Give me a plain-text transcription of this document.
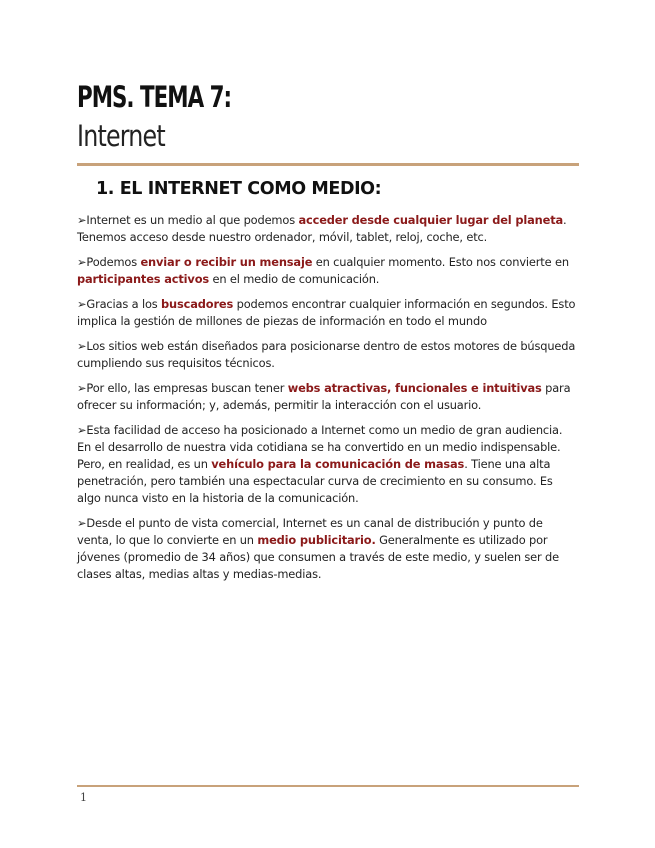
PMS. TEMA 7:
Internet
1. EL INTERNET COMO MEDIO:

➢Internet es un medio al que podemos acceder desde cualquier lugar del planeta. Tenemos acceso desde nuestro ordenador, móvil, tablet, reloj, coche, etc.

➢Podemos enviar o recibir un mensaje en cualquier momento. Esto nos convierte en participantes activos en el medio de comunicación.

➢Gracias a los buscadores podemos encontrar cualquier información en segundos. Esto implica la gestión de millones de piezas de información en todo el mundo

➢Los sitios web están diseñados para posicionarse dentro de estos motores de búsqueda cumpliendo sus requisitos técnicos.

➢Por ello, las empresas buscan tener webs atractivas, funcionales e intuitivas para ofrecer su información; y, además, permitir la interacción con el usuario.

➢Esta facilidad de acceso ha posicionado a Internet como un medio de gran audiencia. En el desarrollo de nuestra vida cotidiana se ha convertido en un medio indispensable. Pero, en realidad, es un vehículo para la comunicación de masas. Tiene una alta penetración, pero también una espectacular curva de crecimiento en su consumo. Es algo nunca visto en la historia de la comunicación.

➢Desde el punto de vista comercial, Internet es un canal de distribución y punto de venta, lo que lo convierte en un medio publicitario. Generalmente es utilizado por jóvenes (promedio de 34 años) que consumen a través de este medio, y suelen ser de clases altas, medias altas y medias-medias.

1
